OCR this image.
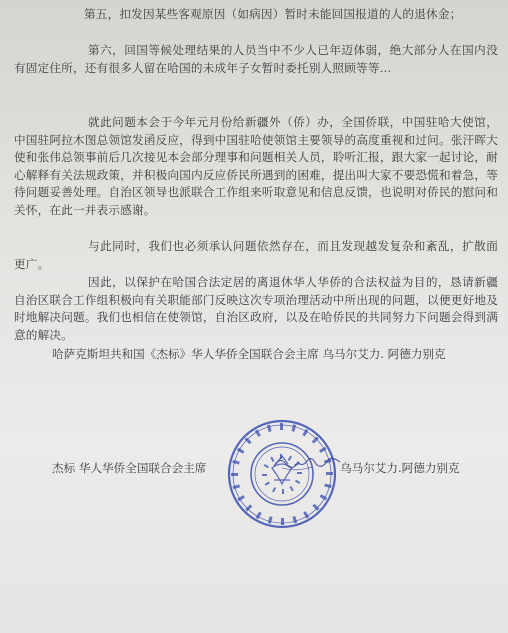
第五，扣发因某些客观原因（如病因）暂时未能回国报道的人的退休金；
第六，回国等候处理结果的人员当中不少人已年迈体弱，绝大部分人在国内没有固定住所，还有很多人留在哈国的未成年子女暂时委托别人照顾等等…
就此问题本会于今年元月份给新疆外（侨）办，全国侨联，中国驻哈大使馆，中国驻阿拉木图总领馆发函反应，得到中国驻哈使领馆主要领导的高度重视和过问。张汗晖大使和张伟总领事前后几次接见本会部分理事和问题相关人员，聆听汇报，跟大家一起讨论，耐心解释有关法规政策，并积极向国内反应侨民所遇到的困难，提出叫大家不要恐慌和着急，等待问题妥善处理。自治区领导也派联合工作组来听取意见和信息反馈，也说明对侨民的慰问和关怀，在此一并表示感谢。
与此同时，我们也必须承认问题依然存在，而且发现越发复杂和紊乱，扩散面更广。
因此，以保护在哈国合法定居的离退休华人华侨的合法权益为目的，恳请新疆自治区联合工作组积极向有关职能部门反映这次专项治理活动中所出现的问题，以便更好地及时地解决问题。我们也相信在使领馆，自治区政府，以及在哈侨民的共同努力下问题会得到满意的解决。
哈萨克斯坦共和国《杰标》华人华侨全国联合会主席 乌马尔艾力. 阿德力别克
杰标 华人华侨全国联合会主席	乌马尔艾力.阿德力别克
